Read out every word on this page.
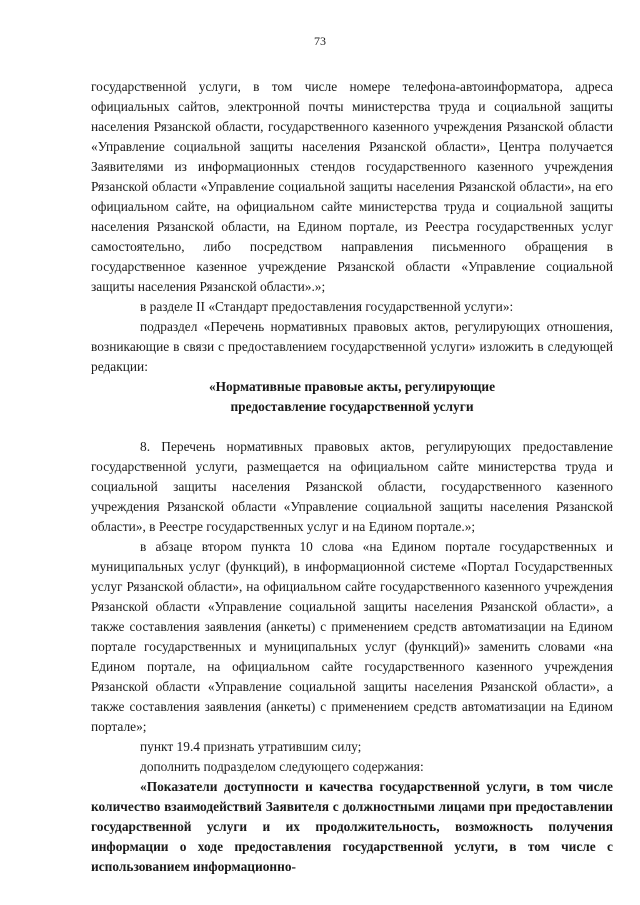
73

государственной услуги, в том числе номере телефона-автоинформатора, адреса официальных сайтов, электронной почты министерства труда и социальной защиты населения Рязанской области, государственного казенного учреждения Рязанской области «Управление социальной защиты населения Рязанской области», Центра получается Заявителями из информационных стендов государственного казенного учреждения Рязанской области «Управление социальной защиты населения Рязанской области», на его официальном сайте, на официальном сайте министерства труда и социальной защиты населения Рязанской области, на Едином портале, из Реестра государственных услуг самостоятельно, либо посредством направления письменного обращения в государственное казенное учреждение Рязанской области «Управление социальной защиты населения Рязанской области».»;

в разделе II «Стандарт предоставления государственной услуги»:

подраздел «Перечень нормативных правовых актов, регулирующих отношения, возникающие в связи с предоставлением государственной услуги» изложить в следующей редакции:

«Нормативные правовые акты, регулирующие

предоставление государственной услуги

8. Перечень нормативных правовых актов, регулирующих предоставление государственной услуги, размещается на официальном сайте министерства труда и социальной защиты населения Рязанской области, государственного казенного учреждения Рязанской области «Управление социальной защиты населения Рязанской области», в Реестре государственных услуг и на Едином портале.»;

в абзаце втором пункта 10 слова «на Едином портале государственных и муниципальных услуг (функций), в информационной системе «Портал Государственных услуг Рязанской области», на официальном сайте государственного казенного учреждения Рязанской области «Управление социальной защиты населения Рязанской области», а также составления заявления (анкеты) с применением средств автоматизации на Едином портале государственных и муниципальных услуг (функций)» заменить словами «на Едином портале, на официальном сайте государственного казенного учреждения Рязанской области «Управление социальной защиты населения Рязанской области», а также составления заявления (анкеты) с применением средств автоматизации на Едином портале»;

пункт 19.4 признать утратившим силу;

дополнить подразделом следующего содержания:

«Показатели доступности и качества государственной услуги, в том числе количество взаимодействий Заявителя с должностными лицами при предоставлении государственной услуги и их продолжительность, возможность получения информации о ходе предоставления государственной услуги, в том числе с использованием информационно-
